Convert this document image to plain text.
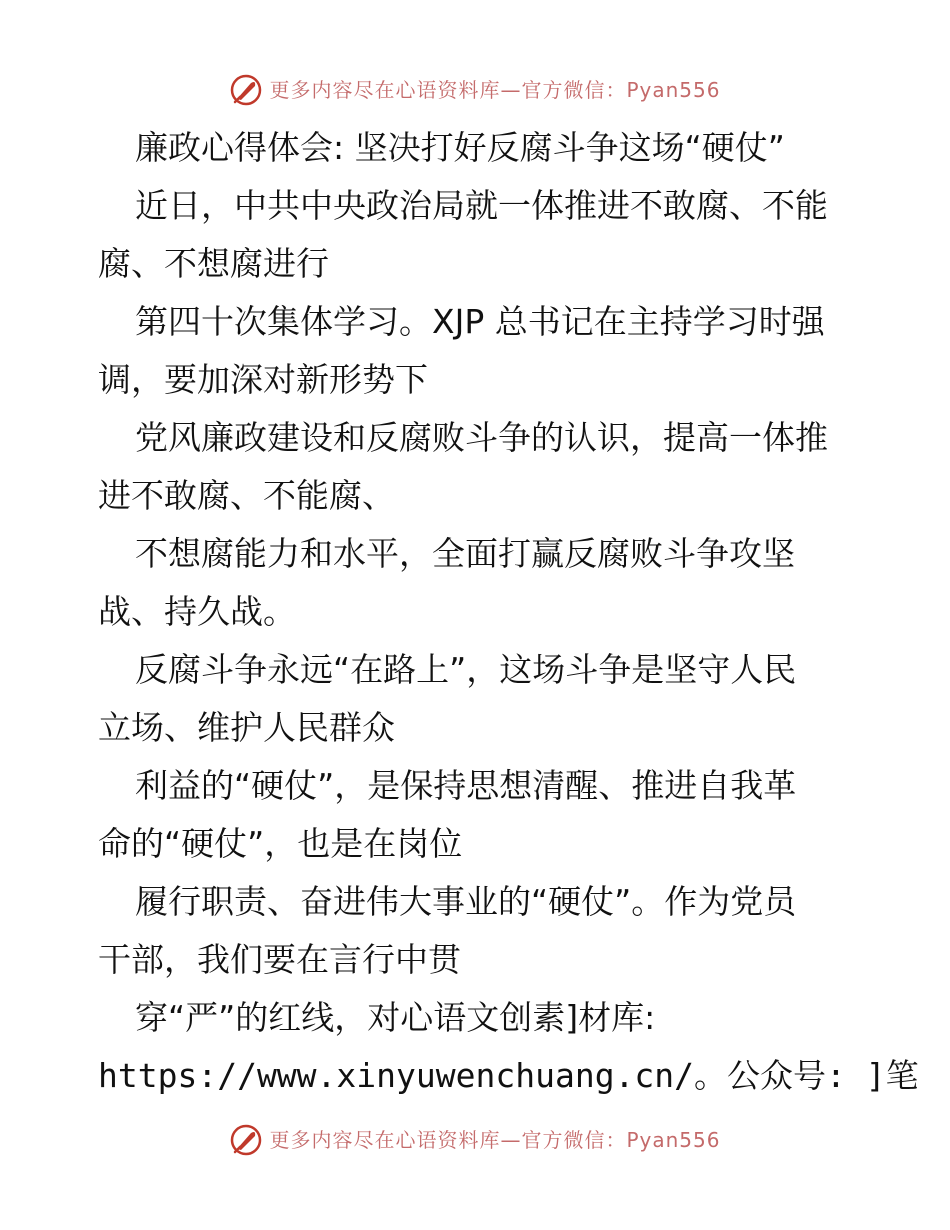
更多内容尽在心语资料库—官方微信：Pyan556
廉政心得体会: 坚决打好反腐斗争这场“硬仗”
近日，中共中央政治局就一体推进不敢腐、不能
腐、不想腐进行
第四十次集体学习。XJP 总书记在主持学习时强
调，要加深对新形势下
党风廉政建设和反腐败斗争的认识，提高一体推
进不敢腐、不能腐、
不想腐能力和水平，全面打赢反腐败斗争攻坚
战、持久战。
反腐斗争永远“在路上”，这场斗争是坚守人民
立场、维护人民群众
利益的“硬仗”，是保持思想清醒、推进自我革
命的“硬仗”，也是在岗位
履行职责、奋进伟大事业的“硬仗”。作为党员
干部，我们要在言行中贯
穿“严”的红线，对心语文创素]材库:
https://www.xinyuwenchuang.cn/。公众号: ]笔
更多内容尽在心语资料库—官方微信：Pyan556
